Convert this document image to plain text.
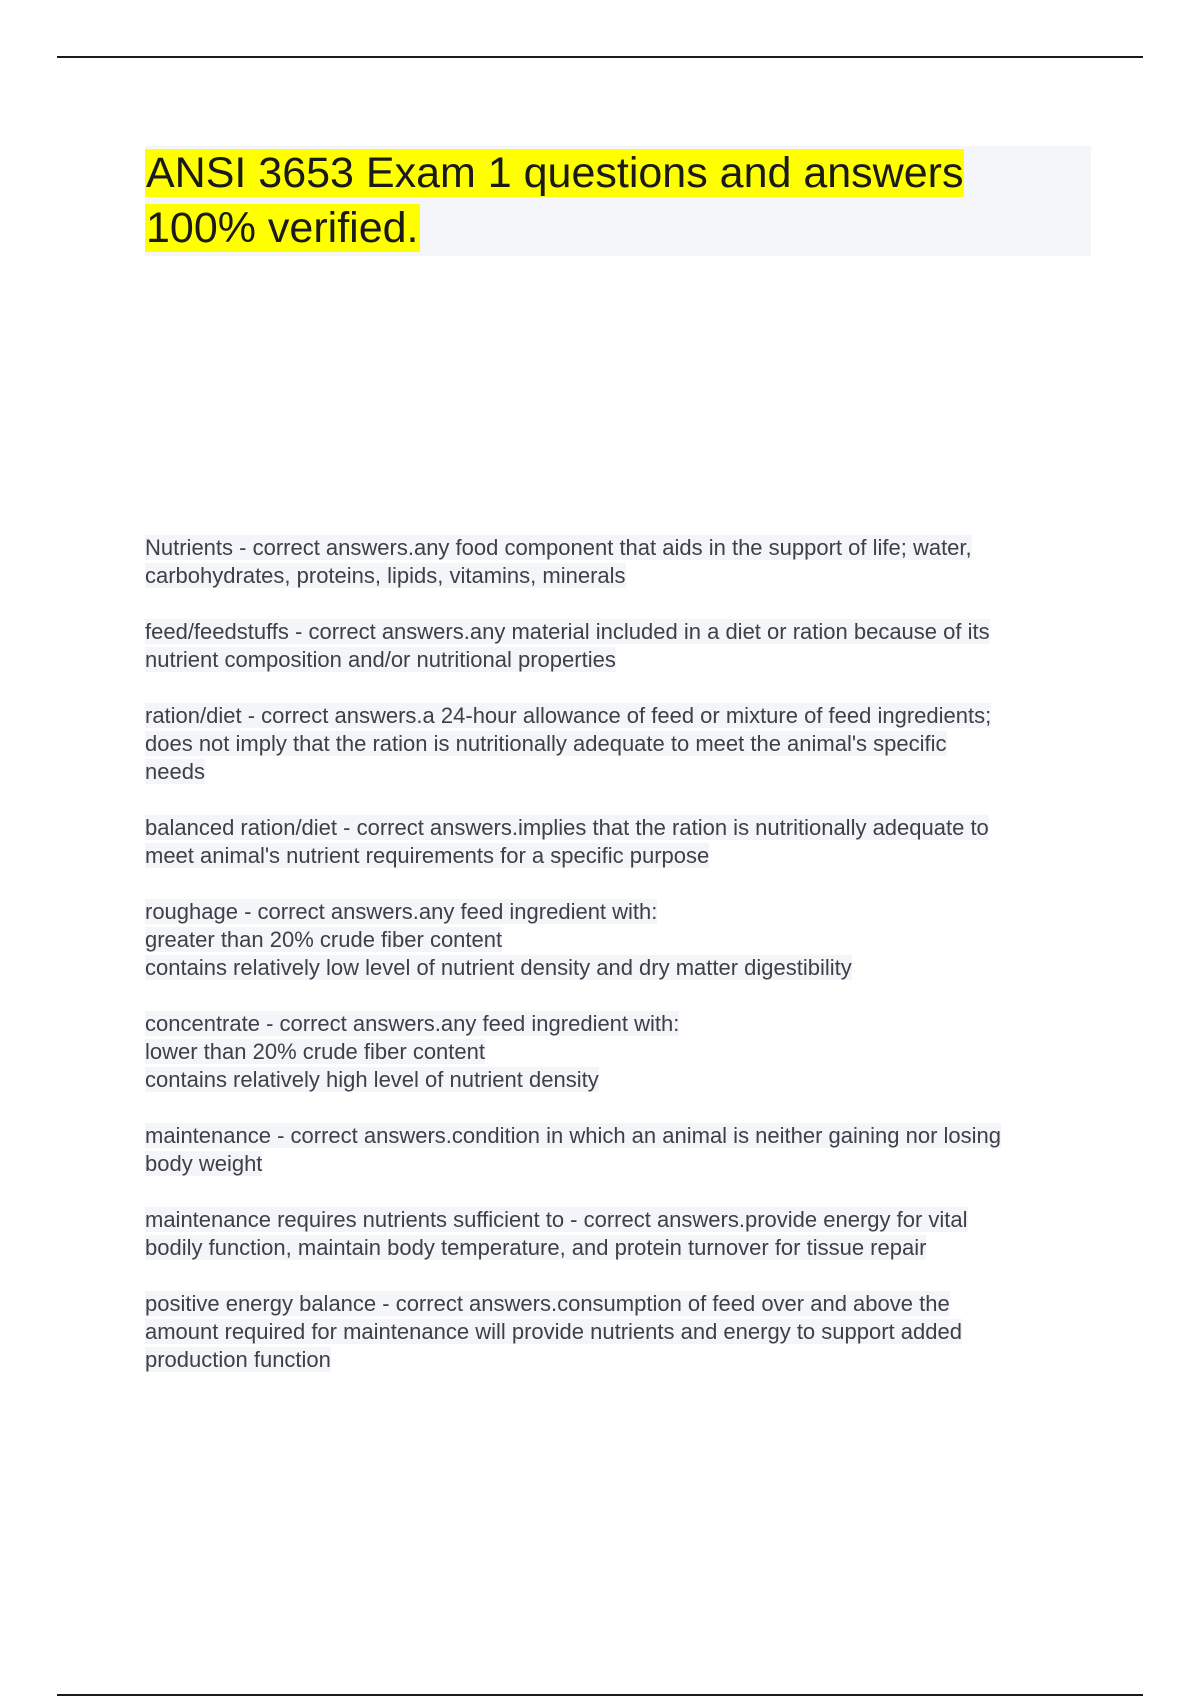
ANSI 3653 Exam 1 questions and answers
100% verified.
Nutrients - correct answers.any food component that aids in the support of life; water,
carbohydrates, proteins, lipids, vitamins, minerals
feed/feedstuffs - correct answers.any material included in a diet or ration because of its
nutrient composition and/or nutritional properties
ration/diet - correct answers.a 24-hour allowance of feed or mixture of feed ingredients;
does not imply that the ration is nutritionally adequate to meet the animal's specific
needs
balanced ration/diet - correct answers.implies that the ration is nutritionally adequate to
meet animal's nutrient requirements for a specific purpose
roughage - correct answers.any feed ingredient with:
greater than 20% crude fiber content
contains relatively low level of nutrient density and dry matter digestibility
concentrate - correct answers.any feed ingredient with:
lower than 20% crude fiber content
contains relatively high level of nutrient density
maintenance - correct answers.condition in which an animal is neither gaining nor losing
body weight
maintenance requires nutrients sufficient to - correct answers.provide energy for vital
bodily function, maintain body temperature, and protein turnover for tissue repair
positive energy balance - correct answers.consumption of feed over and above the
amount required for maintenance will provide nutrients and energy to support added
production function
